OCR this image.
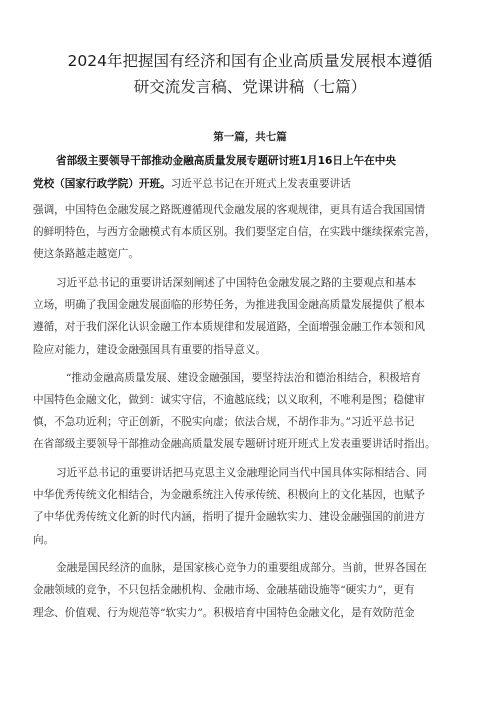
2024年把握国有经济和国有企业高质量发展根本遵循
研交流发言稿、党课讲稿（七篇）
第一篇，共七篇
省部级主要领导干部推动金融高质量发展专题研讨班1月16日上午在中央
党校（国家行政学院）开班。习近平总书记在开班式上发表重要讲话
强调，中国特色金融发展之路既遵循现代金融发展的客观规律，更具有适合我国国情
的鲜明特色，与西方金融模式有本质区别。我们要坚定自信，在实践中继续探索完善，
使这条路越走越宽广。
习近平总书记的重要讲话深刻阐述了中国特色金融发展之路的主要观点和基本
立场，明确了我国金融发展面临的形势任务，为推进我国金融高质量发展提供了根本
遵循，对于我们深化认识金融工作本质规律和发展道路，全面增强金融工作本领和风
险应对能力，建设金融强国具有重要的指导意义。
“推动金融高质量发展、建设金融强国，要坚持法治和德治相结合，积极培育
中国特色金融文化，做到：诚实守信，不逾越底线；以义取利，不唯利是图；稳健审
慎，不急功近利；守正创新，不脱实向虚；依法合规，不胡作非为。”习近平总书记
在省部级主要领导干部推动金融高质量发展专题研讨班开班式上发表重要讲话时指出。
习近平总书记的重要讲话把马克思主义金融理论同当代中国具体实际相结合、同
中华优秀传统文化相结合，为金融系统注入传承传统、积极向上的文化基因，也赋予
了中华优秀传统文化新的时代内涵，指明了提升金融软实力、建设金融强国的前进方
向。
金融是国民经济的血脉，是国家核心竞争力的重要组成部分。当前，世界各国在
金融领域的竞争，不只包括金融机构、金融市场、金融基础设施等“硬实力”，更有
理念、价值观、行为规范等“软实力”。积极培育中国特色金融文化，是有效防范金
